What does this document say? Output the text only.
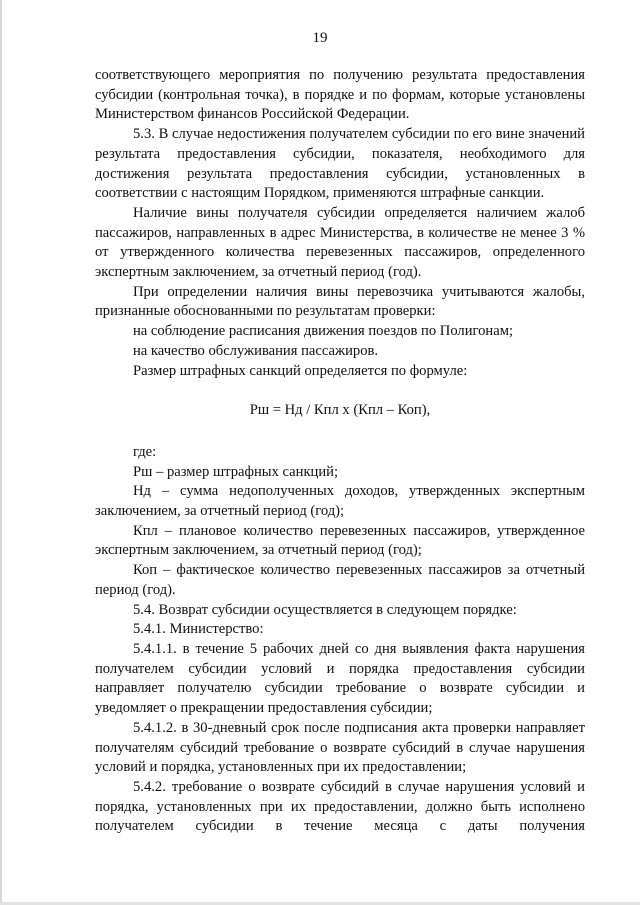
19

соответствующего мероприятия по получению результата предоставления субсидии (контрольная точка), в порядке и по формам, которые установлены Министерством финансов Российской Федерации.

5.3. В случае недостижения получателем субсидии по его вине значений результата предоставления субсидии, показателя, необходимого для достижения результата предоставления субсидии, установленных в соответствии с настоящим Порядком, применяются штрафные санкции.

Наличие вины получателя субсидии определяется наличием жалоб пассажиров, направленных в адрес Министерства, в количестве не менее 3 % от утвержденного количества перевезенных пассажиров, определенного экспертным заключением, за отчетный период (год).

При определении наличия вины перевозчика учитываются жалобы, признанные обоснованными по результатам проверки:

на соблюдение расписания движения поездов по Полигонам;

на качество обслуживания пассажиров.

Размер штрафных санкций определяется по формуле:

Рш = Нд / Кпл х (Кпл – Коп),

где:

Рш – размер штрафных санкций;

Нд – сумма недополученных доходов, утвержденных экспертным заключением, за отчетный период (год);

Кпл – плановое количество перевезенных пассажиров, утвержденное экспертным заключением, за отчетный период (год);

Коп – фактическое количество перевезенных пассажиров за отчетный период (год).

5.4. Возврат субсидии осуществляется в следующем порядке:

5.4.1. Министерство:

5.4.1.1. в течение 5 рабочих дней со дня выявления факта нарушения получателем субсидии условий и порядка предоставления субсидии направляет получателю субсидии требование о возврате субсидии и уведомляет о прекращении предоставления субсидии;

5.4.1.2. в 30-дневный срок после подписания акта проверки направляет получателям субсидий требование о возврате субсидий в случае нарушения условий и порядка, установленных при их предоставлении;

5.4.2. требование о возврате субсидий в случае нарушения условий и порядка, установленных при их предоставлении, должно быть исполнено получателем субсидии в течение месяца с даты получения
